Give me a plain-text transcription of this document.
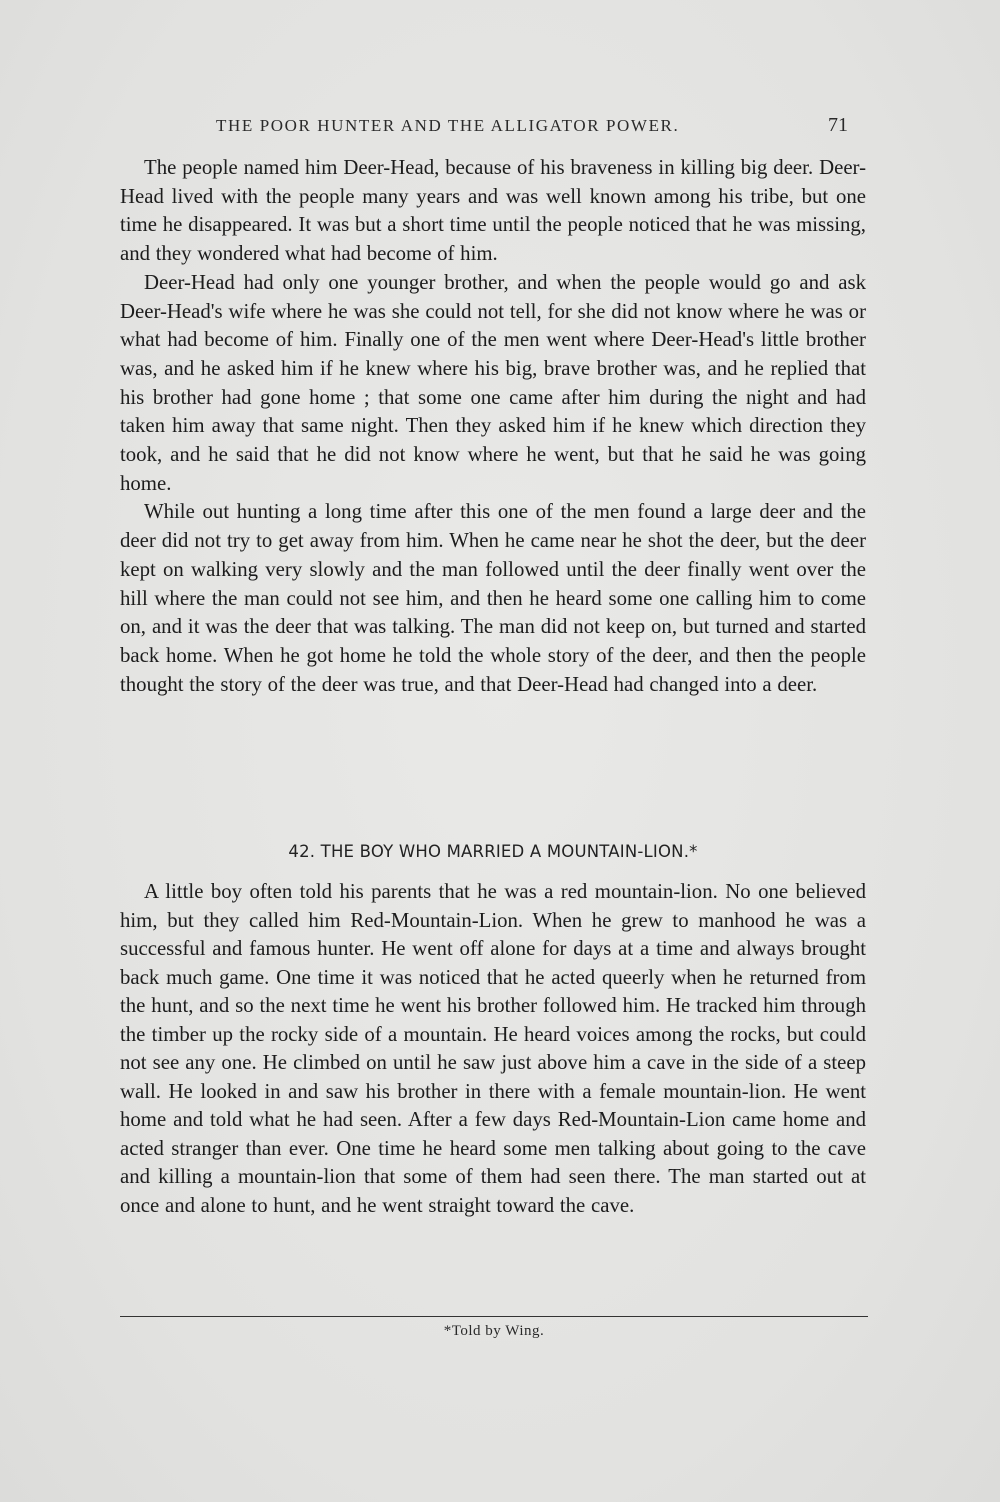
THE POOR HUNTER AND THE ALLIGATOR POWER.	71

The people named him Deer-Head, because of his braveness in killing big deer. Deer-Head lived with the people many years and was well known among his tribe, but one time he disappeared. It was but a short time until the people noticed that he was missing, and they wondered what had become of him.

Deer-Head had only one younger brother, and when the people would go and ask Deer-Head's wife where he was she could not tell, for she did not know where he was or what had become of him. Finally one of the men went where Deer-Head's little brother was, and he asked him if he knew where his big, brave brother was, and he replied that his brother had gone home ; that some one came after him during the night and had taken him away that same night. Then they asked him if he knew which direction they took, and he said that he did not know where he went, but that he said he was going home.

While out hunting a long time after this one of the men found a large deer and the deer did not try to get away from him. When he came near he shot the deer, but the deer kept on walking very slowly and the man followed until the deer finally went over the hill where the man could not see him, and then he heard some one calling him to come on, and it was the deer that was talking. The man did not keep on, but turned and started back home. When he got home he told the whole story of the deer, and then the people thought the story of the deer was true, and that Deer-Head had changed into a deer.

42. THE BOY WHO MARRIED A MOUNTAIN-LION.*

A little boy often told his parents that he was a red mountain-lion. No one believed him, but they called him Red-Mountain-Lion. When he grew to manhood he was a successful and famous hunter. He went off alone for days at a time and always brought back much game. One time it was noticed that he acted queerly when he returned from the hunt, and so the next time he went his brother followed him. He tracked him through the timber up the rocky side of a mountain. He heard voices among the rocks, but could not see any one. He climbed on until he saw just above him a cave in the side of a steep wall. He looked in and saw his brother in there with a female mountain-lion. He went home and told what he had seen. After a few days Red-Mountain-Lion came home and acted stranger than ever. One time he heard some men talking about going to the cave and killing a mountain-lion that some of them had seen there. The man started out at once and alone to hunt, and he went straight toward the cave.

*Told by Wing.
